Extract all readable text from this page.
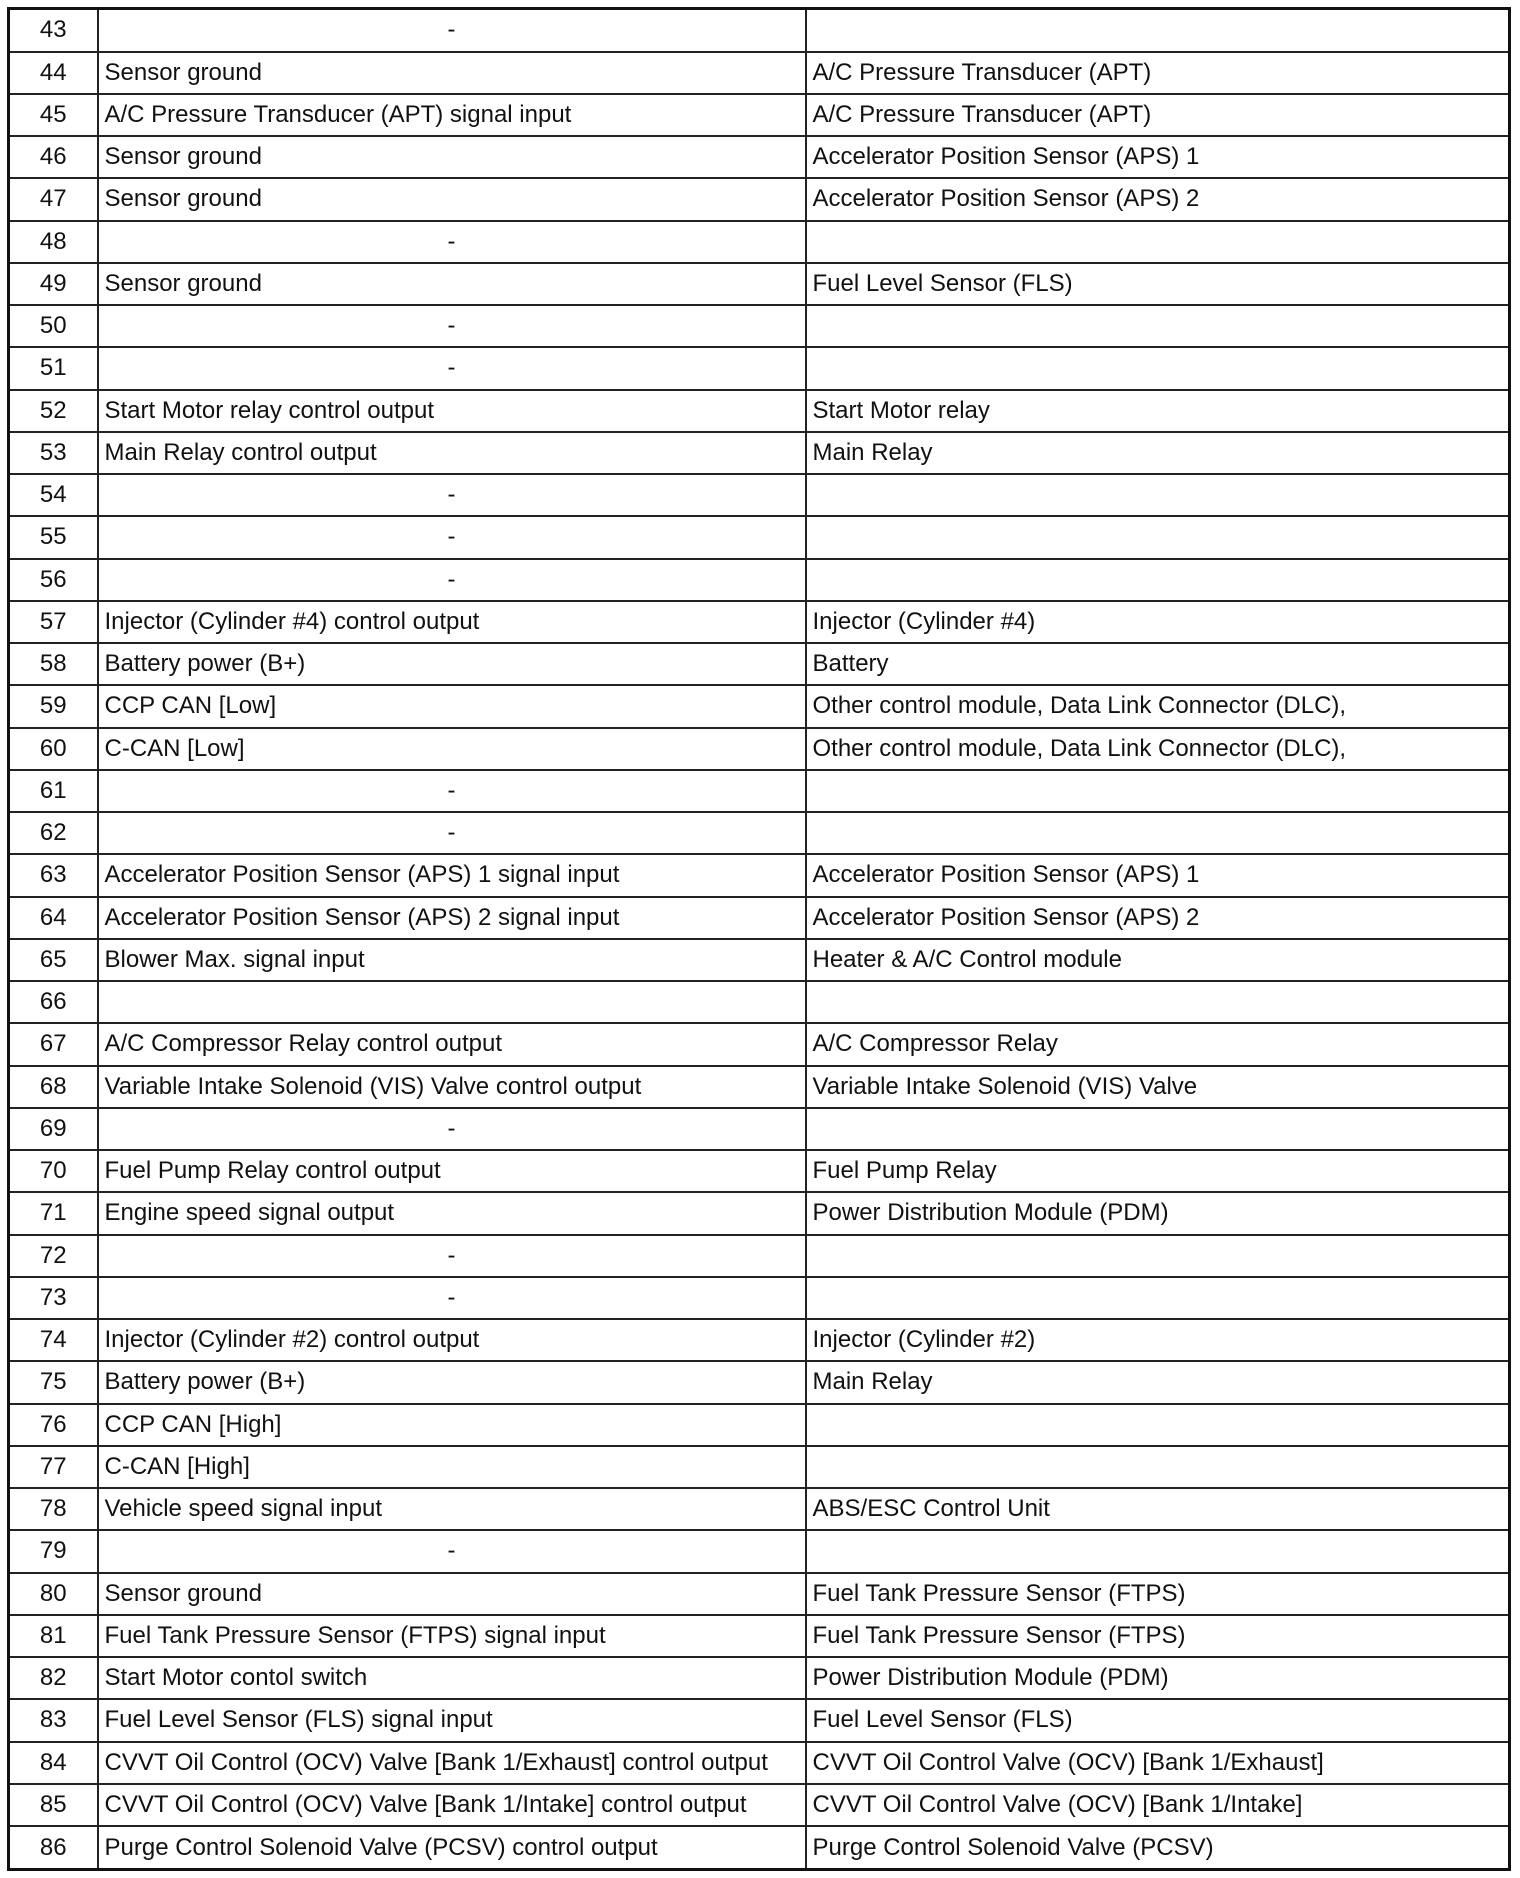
43	-	
44	Sensor ground	A/C Pressure Transducer (APT)
45	A/C Pressure Transducer (APT) signal input	A/C Pressure Transducer (APT)
46	Sensor ground	Accelerator Position Sensor (APS) 1
47	Sensor ground	Accelerator Position Sensor (APS) 2
48	-	
49	Sensor ground	Fuel Level Sensor (FLS)
50	-	
51	-	
52	Start Motor relay control output	Start Motor relay
53	Main Relay control output	Main Relay
54	-	
55	-	
56	-	
57	Injector (Cylinder #4) control output	Injector (Cylinder #4)
58	Battery power (B+)	Battery
59	CCP CAN [Low]	Other control module, Data Link Connector (DLC),
60	C-CAN [Low]	Other control module, Data Link Connector (DLC),
61	-	
62	-	
63	Accelerator Position Sensor (APS) 1 signal input	Accelerator Position Sensor (APS) 1
64	Accelerator Position Sensor (APS) 2 signal input	Accelerator Position Sensor (APS) 2
65	Blower Max. signal input	Heater & A/C Control module
66		
67	A/C Compressor Relay control output	A/C Compressor Relay
68	Variable Intake Solenoid (VIS) Valve control output	Variable Intake Solenoid (VIS) Valve
69	-	
70	Fuel Pump Relay control output	Fuel Pump Relay
71	Engine speed signal output	Power Distribution Module (PDM)
72	-	
73	-	
74	Injector (Cylinder #2) control output	Injector (Cylinder #2)
75	Battery power (B+)	Main Relay
76	CCP CAN [High]	
77	C-CAN [High]	
78	Vehicle speed signal input	ABS/ESC Control Unit
79	-	
80	Sensor ground	Fuel Tank Pressure Sensor (FTPS)
81	Fuel Tank Pressure Sensor (FTPS) signal input	Fuel Tank Pressure Sensor (FTPS)
82	Start Motor contol switch	Power Distribution Module (PDM)
83	Fuel Level Sensor (FLS) signal input	Fuel Level Sensor (FLS)
84	CVVT Oil Control (OCV) Valve [Bank 1/Exhaust] control output	CVVT Oil Control Valve (OCV) [Bank 1/Exhaust]
85	CVVT Oil Control (OCV) Valve [Bank 1/Intake] control output	CVVT Oil Control Valve (OCV) [Bank 1/Intake]
86	Purge Control Solenoid Valve (PCSV) control output	Purge Control Solenoid Valve (PCSV)
